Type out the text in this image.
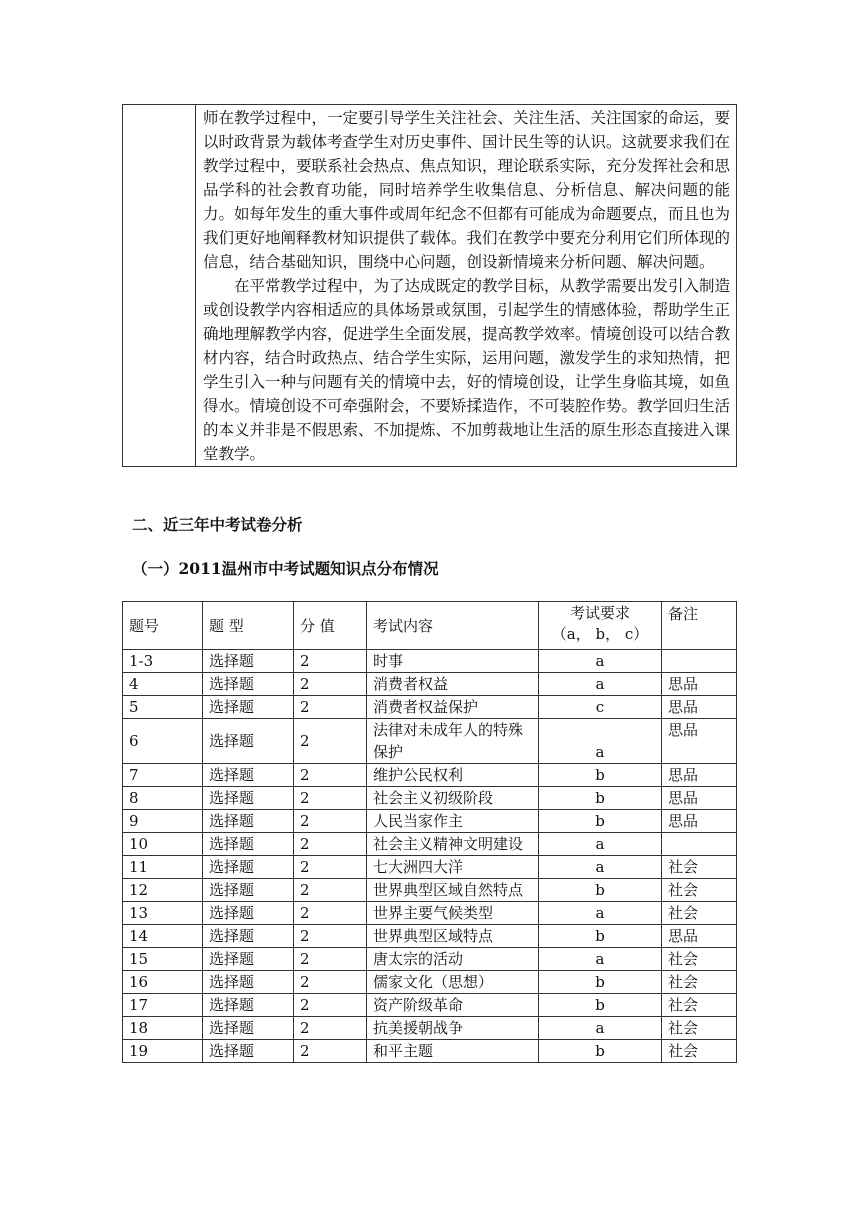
师在教学过程中，一定要引导学生关注社会、关注生活、关注国家的命运，要以时政背景为载体考查学生对历史事件、国计民生等的认识。这就要求我们在教学过程中，要联系社会热点、焦点知识，理论联系实际，充分发挥社会和思品学科的社会教育功能，同时培养学生收集信息、分析信息、解决问题的能力。如每年发生的重大事件或周年纪念不但都有可能成为命题要点，而且也为我们更好地阐释教材知识提供了载体。我们在教学中要充分利用它们所体现的信息，结合基础知识，围绕中心问题，创设新情境来分析问题、解决问题。

在平常教学过程中，为了达成既定的教学目标，从教学需要出发引入制造或创设教学内容相适应的具体场景或氛围，引起学生的情感体验，帮助学生正确地理解教学内容，促进学生全面发展，提高教学效率。情境创设可以结合教材内容，结合时政热点、结合学生实际，运用问题，激发学生的求知热情，把学生引入一种与问题有关的情境中去，好的情境创设，让学生身临其境，如鱼得水。情境创设不可牵强附会，不要矫揉造作，不可装腔作势。教学回归生活的本义并非是不假思索、不加提炼、不加剪裁地让生活的原生形态直接进入课堂教学。

二、近三年中考试卷分析
（一）2011温州市中考试题知识点分布情况
题号	题 型	分 值	考试内容	考试要求
（a， b， c）	备注
1-3	选择题	2	时事	a	
4	选择题	2	消费者权益	a	思品
5	选择题	2	消费者权益保护	c	思品
6	选择题	2	法律对未成年人的特殊保护	a	思品
7	选择题	2	维护公民权利	b	思品
8	选择题	2	社会主义初级阶段	b	思品
9	选择题	2	人民当家作主	b	思品
10	选择题	2	社会主义精神文明建设	a	
11	选择题	2	七大洲四大洋	a	社会
12	选择题	2	世界典型区域自然特点	b	社会
13	选择题	2	世界主要气候类型	a	社会
14	选择题	2	世界典型区域特点	b	思品
15	选择题	2	唐太宗的活动	a	社会
16	选择题	2	儒家文化（思想）	b	社会
17	选择题	2	资产阶级革命	b	社会
18	选择题	2	抗美援朝战争	a	社会
19	选择题	2	和平主题	b	社会
